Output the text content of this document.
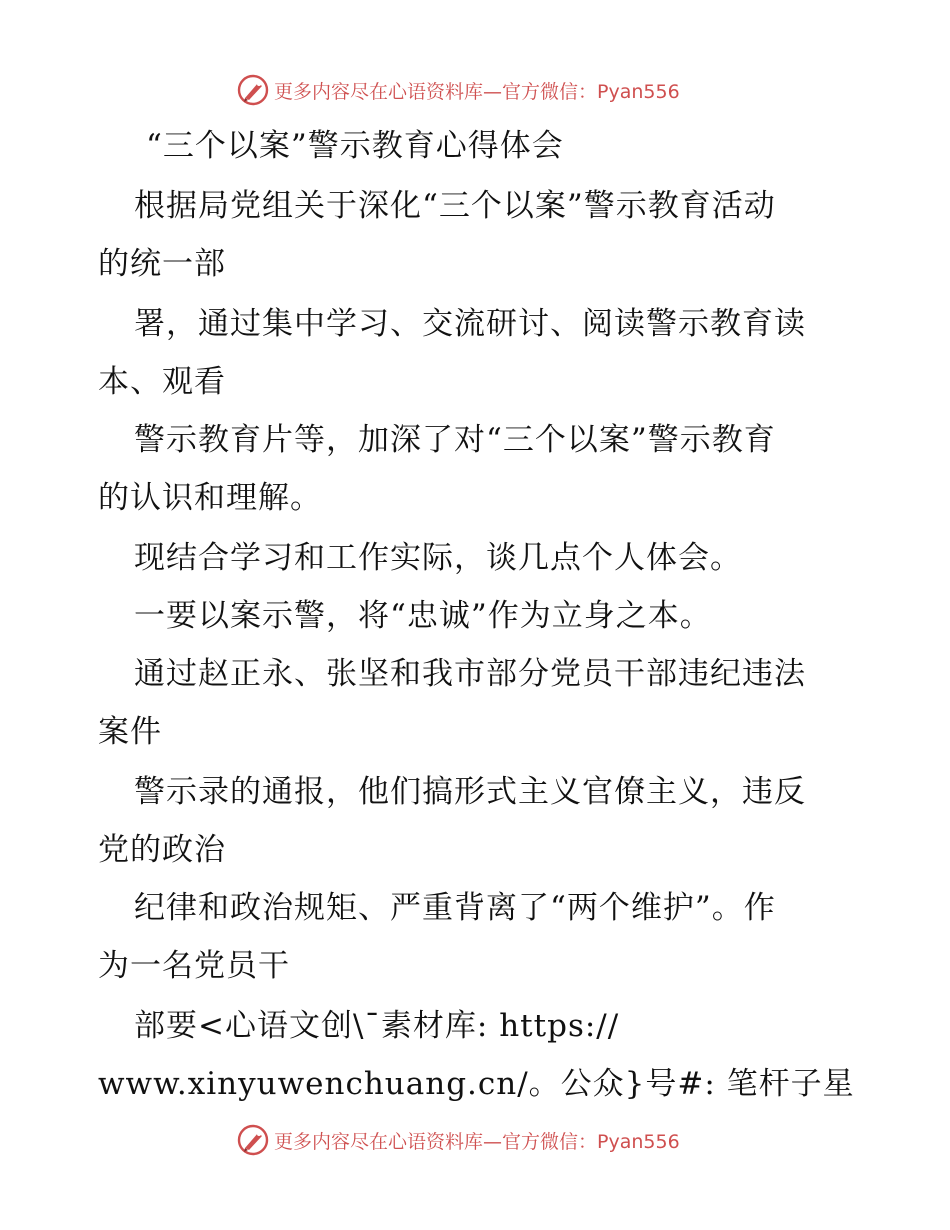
更多内容尽在心语资料库—官方微信：Pyan556
“三个以案”警示教育心得体会
根据局党组关于深化“三个以案”警示教育活动
的统一部
署，通过集中学习、交流研讨、阅读警示教育读
本、观看
警示教育片等，加深了对“三个以案”警示教育
的认识和理解。
现结合学习和工作实际，谈几点个人体会。
一要以案示警，将“忠诚”作为立身之本。
通过赵正永、张坚和我市部分党员干部违纪违法
案件
警示录的通报，他们搞形式主义官僚主义，违反
党的政治
纪律和政治规矩、严重背离了“两个维护”。作
为一名党员干
部要<心语文创\¯素材库: https://
www.xinyuwenchuang.cn/。公众}号#: 笔杆子星
更多内容尽在心语资料库—官方微信：Pyan556
